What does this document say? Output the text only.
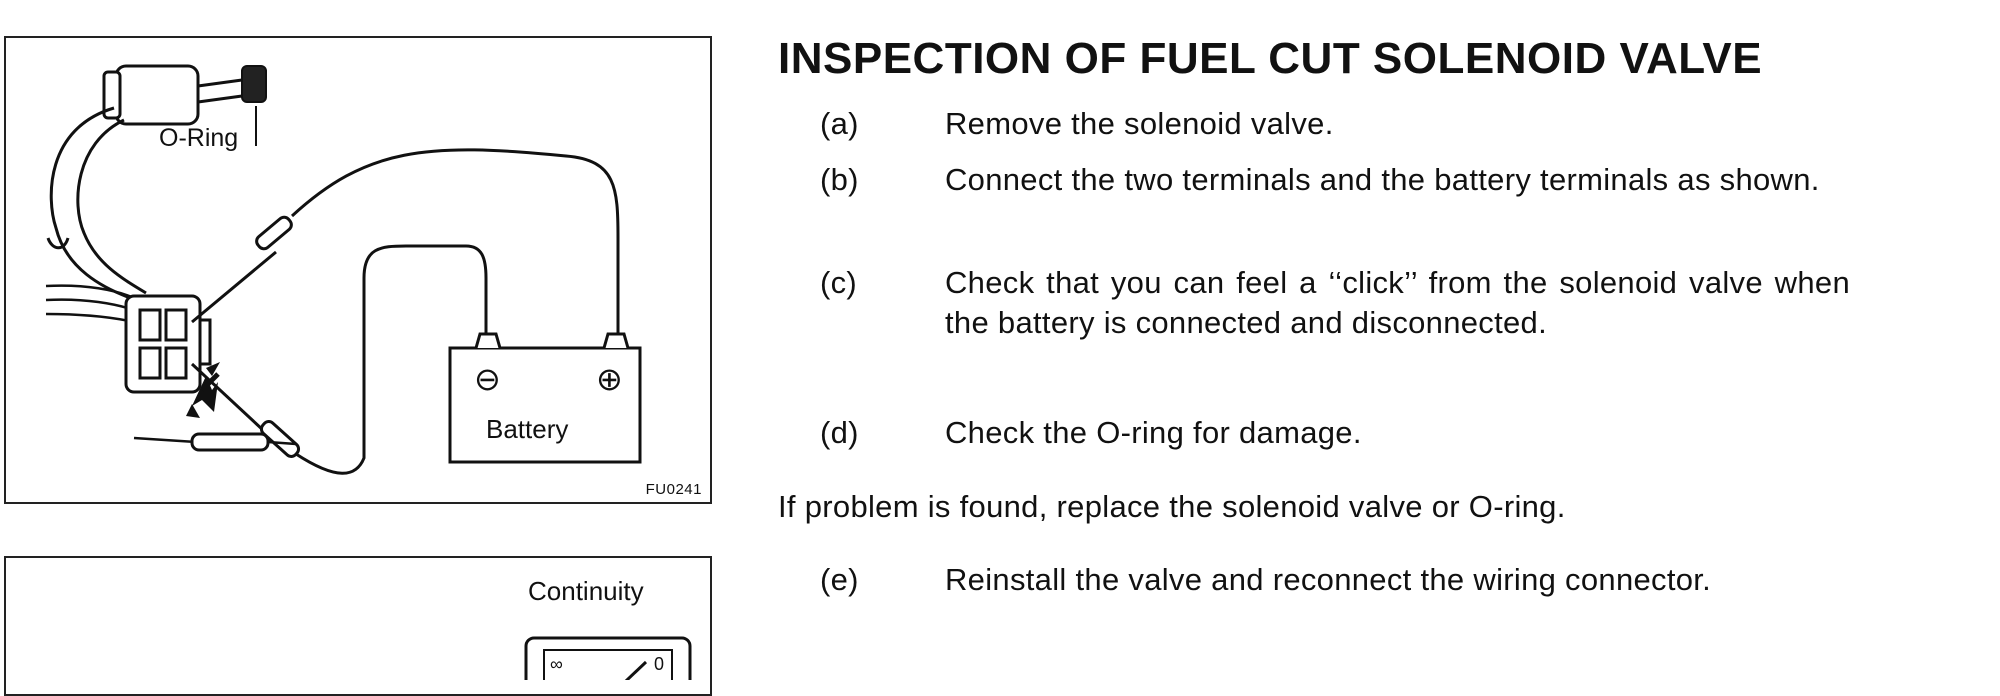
O-Ring
⊖	⊕
Battery
FU0241
Continuity
∞	0
INSPECTION OF FUEL CUT SOLENOID VALVE
(a)	Remove the solenoid valve.
(b)	Connect the two terminals and the battery terminals as shown.
(c)	Check that you can feel a ‘‘click’’ from the solenoid valve when the battery is connected and disconnected.
(d)	Check the O-ring for damage.
If problem is found, replace the solenoid valve or O-ring.
(e)	Reinstall the valve and reconnect the wiring connector.
